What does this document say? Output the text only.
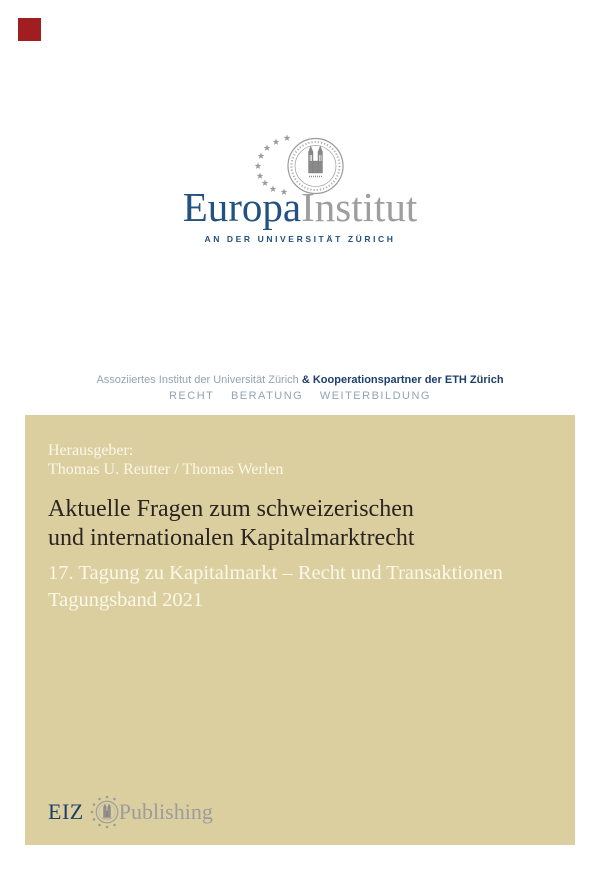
EuropaInstitut
AN DER UNIVERSITÄT ZÜRICH
Assoziiertes Institut der Universität Zürich & Kooperationspartner der ETH Zürich
RECHT BERATUNG WEITERBILDUNG
Herausgeber:
Thomas U. Reutter / Thomas Werlen
Aktuelle Fragen zum schweizerischen
und internationalen Kapitalmarktrecht
17. Tagung zu Kapitalmarkt – Recht und Transaktionen
Tagungsband 2021
EIZ Publishing
